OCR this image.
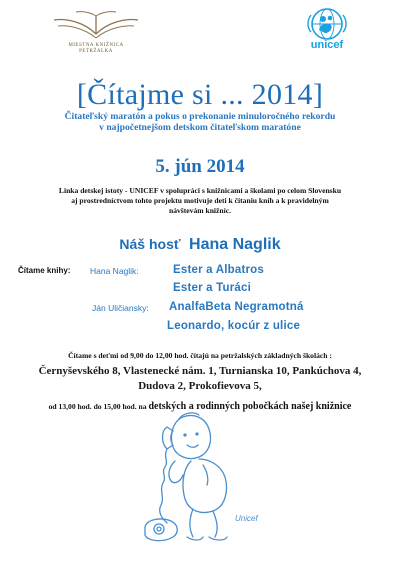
MIESTNA KNIŽNICA
PETRŽALKA
unicef
[Čítajme si ... 2014]
Čitateľský maratón a pokus o prekonanie minuloročného rekordu
v najpočetnejšom detskom čitateľskom maratóne
5. jún 2014
Linka detskej istoty - UNICEF v spolupráci s knižnicami a školami po celom Slovensku
aj prostredníctvom tohto projektu motivuje deti k čítaniu kníh a k pravidelným
návštevám knižníc.
Náš hosť Hana Naglik
Čítame knihy: Hana Naglik:	Ester a Albatros
Ester a Turáci
Ján Uličiansky: AnalfaBeta Negramotná
Leonardo, kocúr z ulice
Čítame s deťmi od 9,00 do 12,00 hod. čítajú na petržalských základných školách :
Černyševského 8, Vlastenecké nám. 1, Turnianska 10, Pankúchova 4,
Dudova 2, Prokofievova 5,
od 13,00 hod. do 15,00 hod. na detských a rodinných pobočkách našej knižnice
Unicef
